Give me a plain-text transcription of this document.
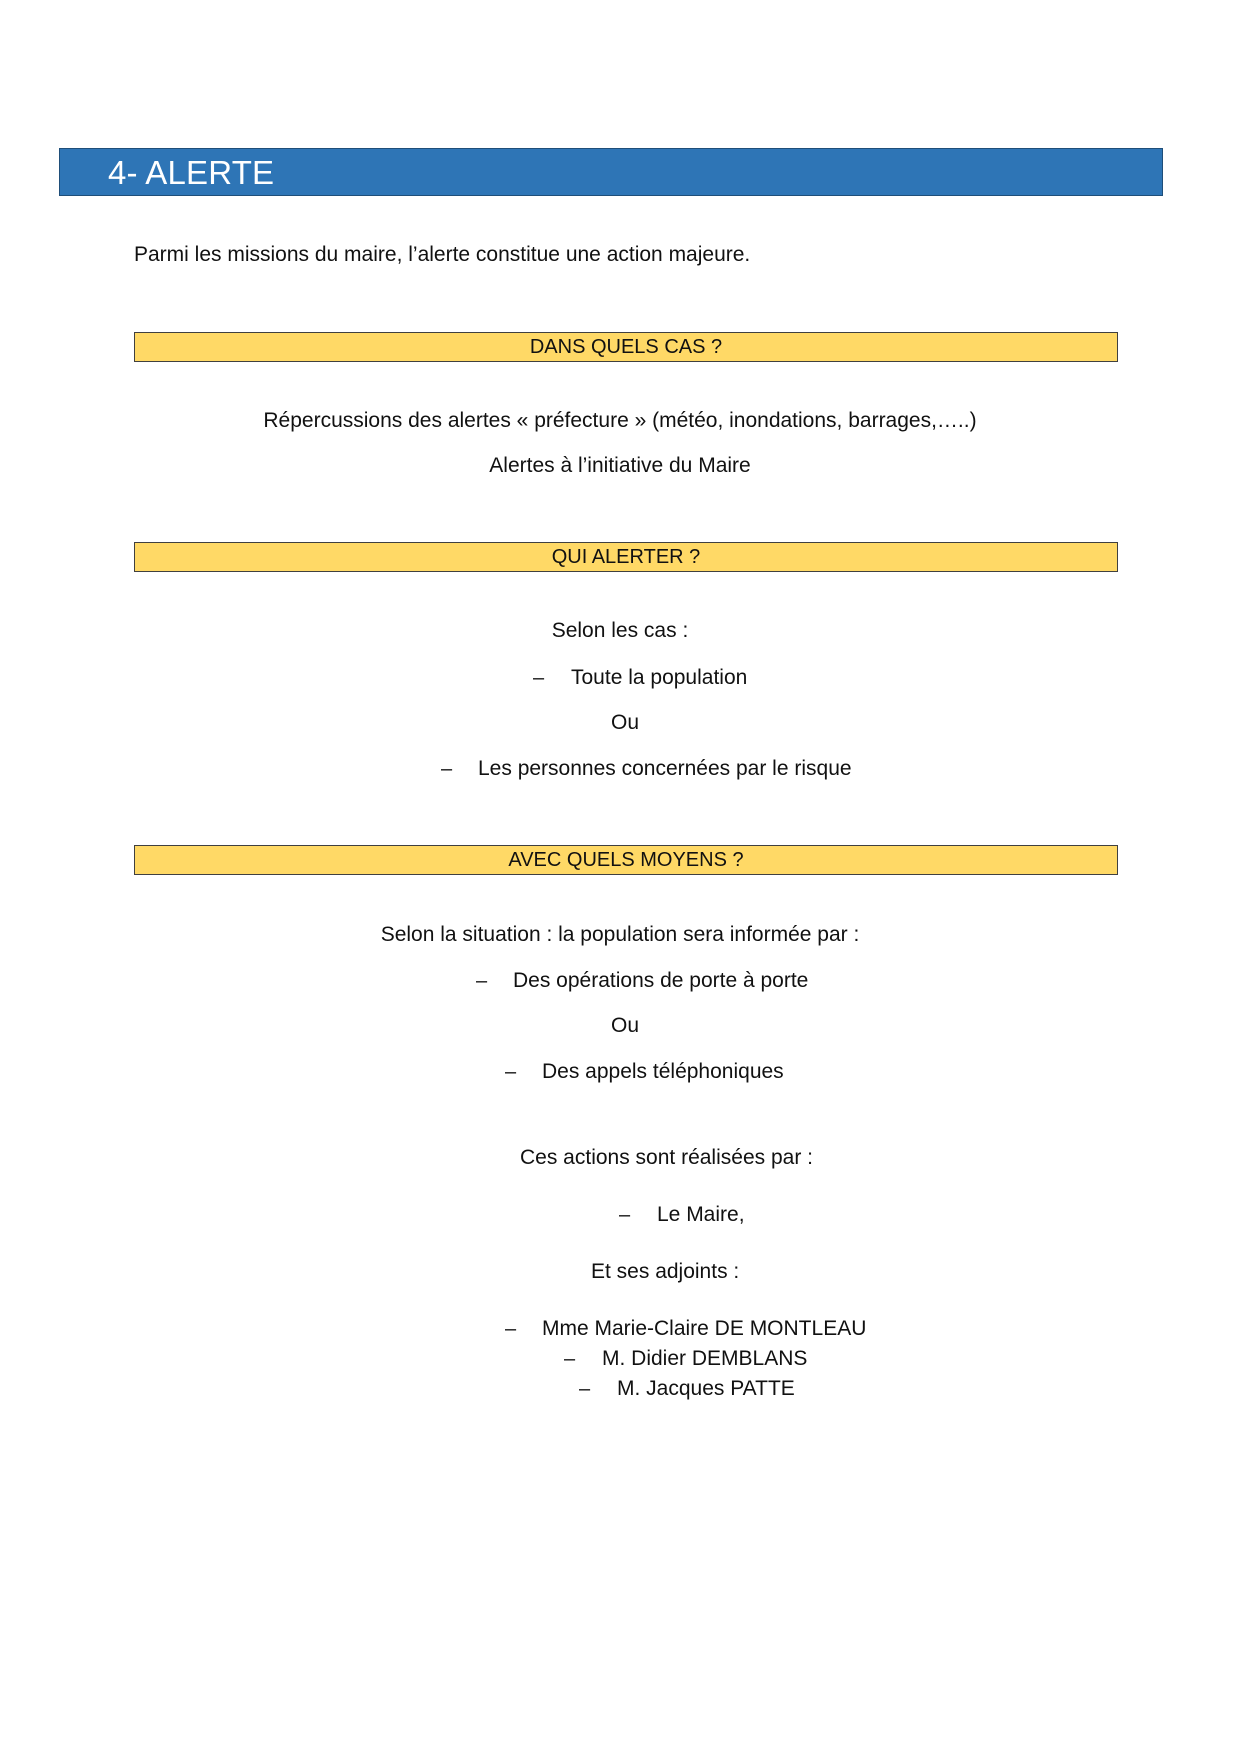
4- ALERTE
Parmi les missions du maire, l’alerte constitue une action majeure.
DANS QUELS CAS ?
Répercussions des alertes « préfecture » (météo, inondations, barrages,…..)
Alertes à l’initiative du Maire
QUI ALERTER ?
Selon les cas :
– Toute la population
Ou
– Les personnes concernées par le risque
AVEC QUELS MOYENS ?
Selon la situation : la population sera informée par :
– Des opérations de porte à porte
Ou
– Des appels téléphoniques
Ces actions sont réalisées par :
– Le Maire,
Et ses adjoints :
– Mme Marie-Claire DE MONTLEAU
– M. Didier DEMBLANS
– M. Jacques PATTE
